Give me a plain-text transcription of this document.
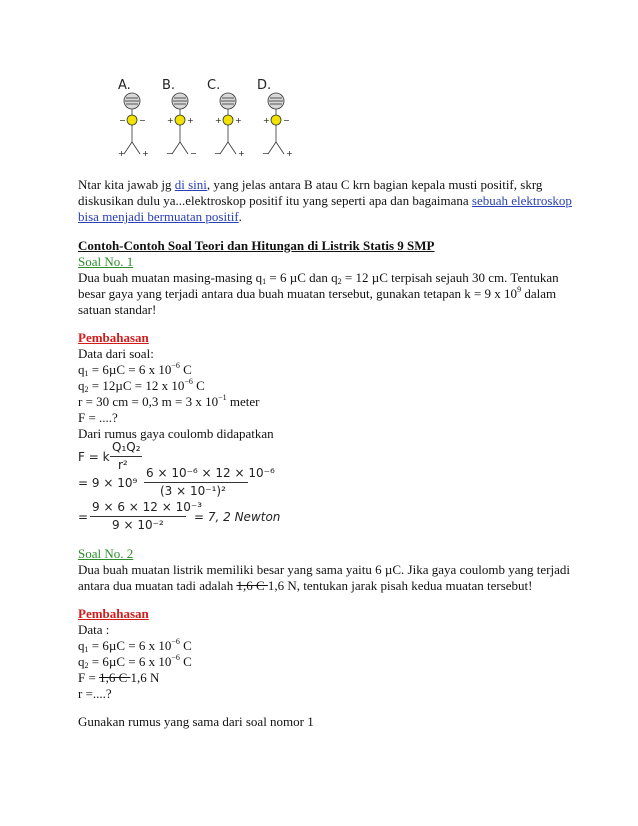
A. B. C.	D.
− −
+ +
+ +
− −
+ +
− +
+ −
− +
Ntar kita jawab jg di sini, yang jelas antara B atau C krn bagian kepala musti positif, skrg
diskusikan dulu ya...elektroskop positif itu yang seperti apa dan bagaimana sebuah elektroskop
bisa menjadi bermuatan positif.
Contoh-Contoh Soal Teori dan Hitungan di Listrik Statis 9 SMP
Soal No. 1
Dua buah muatan masing-masing $q_1 = 6$ µC dan $q_2 = 12$ µC terpisah sejauh 30 cm. Tentukan
besar gaya yang terjadi antara dua buah muatan tersebut, gunakan tetapan k = 9 x $10^9$ dalam
satuan standar!
Pembahasan
Data dari soal:
$q_1 = 6\mu C = 6$ x $10^{-6}$ C
$q_2 = 12\mu C = 12$ x $10^{-6}$ C
r = 30 cm = 0,3 m = 3 x $10^{-1}$ meter
F = ....?
Dari rumus gaya coulomb didapatkan
F = k
Q₁Q₂
r²
= 9 × 10⁹
6 × 10⁻⁶ × 12 × 10⁻⁶
(3 × 10⁻¹)²
=
9 × 6 × 12 × 10⁻³
9 × 10⁻²
= 7, 2 Newton
Soal No. 2
Dua buah muatan listrik memiliki besar yang sama yaitu 6 µC. Jika gaya coulomb yang terjadi
antara dua muatan tadi adalah 1,6 C 1,6 N, tentukan jarak pisah kedua muatan tersebut!
Pembahasan
Data :
$q_1 = 6\mu C = 6$ x $10^{-6}$ C
$q_2 = 6\mu C = 6$ x $10^{-6}$ C
F = 1,6 C 1,6 N
r =....?
Gunakan rumus yang sama dari soal nomor 1
